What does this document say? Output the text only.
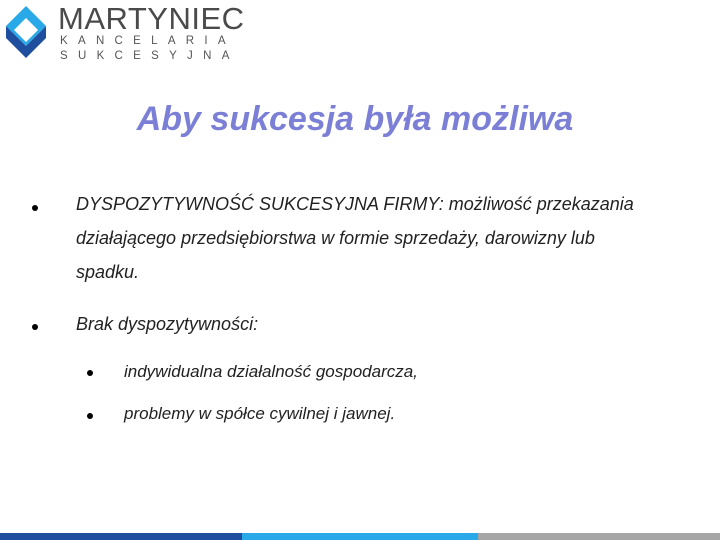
MARTYNIEC
KANCELARIA
SUKCESYJNA
Aby sukcesja była możliwa
DYSPOZYTYWNOŚĆ SUKCESYJNA FIRMY: możliwość przekazania działającego przedsiębiorstwa w formie sprzedaży, darowizny lub spadku.
Brak dyspozytywności:
indywidualna działalność gospodarcza,
problemy w spółce cywilnej i jawnej.
